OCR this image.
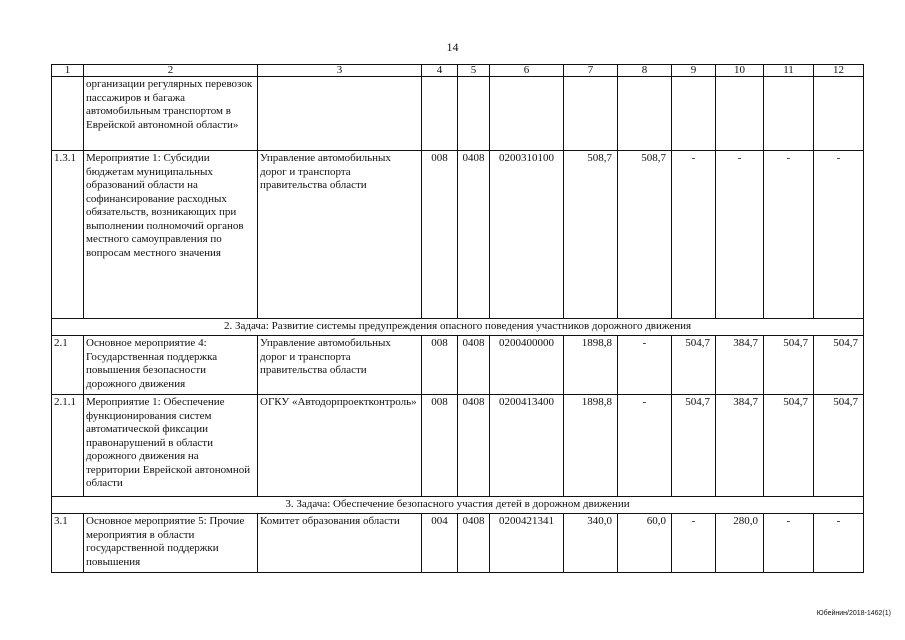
14
1	2	3	4	5	6	7	8	9	10	11	12
	организации регулярных перевозок пассажиров и багажа автомобильным транспортом в Еврейской автономной области»										
1.3.1	Мероприятие 1: Субсидии бюджетам муниципальных образований области на софинансирование расходных обязательств, возникающих при выполнении полномочий органов местного самоуправления по вопросам местного значения	Управление автомобильных дорог и транспорта правительства области	008	0408	0200310100	508,7	508,7	-	-	-	-
2. Задача: Развитие системы предупреждения опасного поведения участников дорожного движения											
2.1	Основное мероприятие 4: Государственная поддержка повышения безопасности дорожного движения	Управление автомобильных дорог и транспорта правительства области	008	0408	0200400000	1898,8	-	504,7	384,7	504,7	504,7
2.1.1	Мероприятие 1: Обеспечение функционирования систем автоматической фиксации правонарушений в области дорожного движения на территории Еврейской автономной области	ОГКУ «Автодорпроектконтроль»	008	0408	0200413400	1898,8	-	504,7	384,7	504,7	504,7
3. Задача: Обеспечение безопасного участия детей в дорожном движении											
3.1	Основное мероприятие 5: Прочие мероприятия в области государственной поддержки повышения	Комитет образования области	004	0408	0200421341	340,0	60,0	-	280,0	-	-
Юбейнин/2018-1462(1)
